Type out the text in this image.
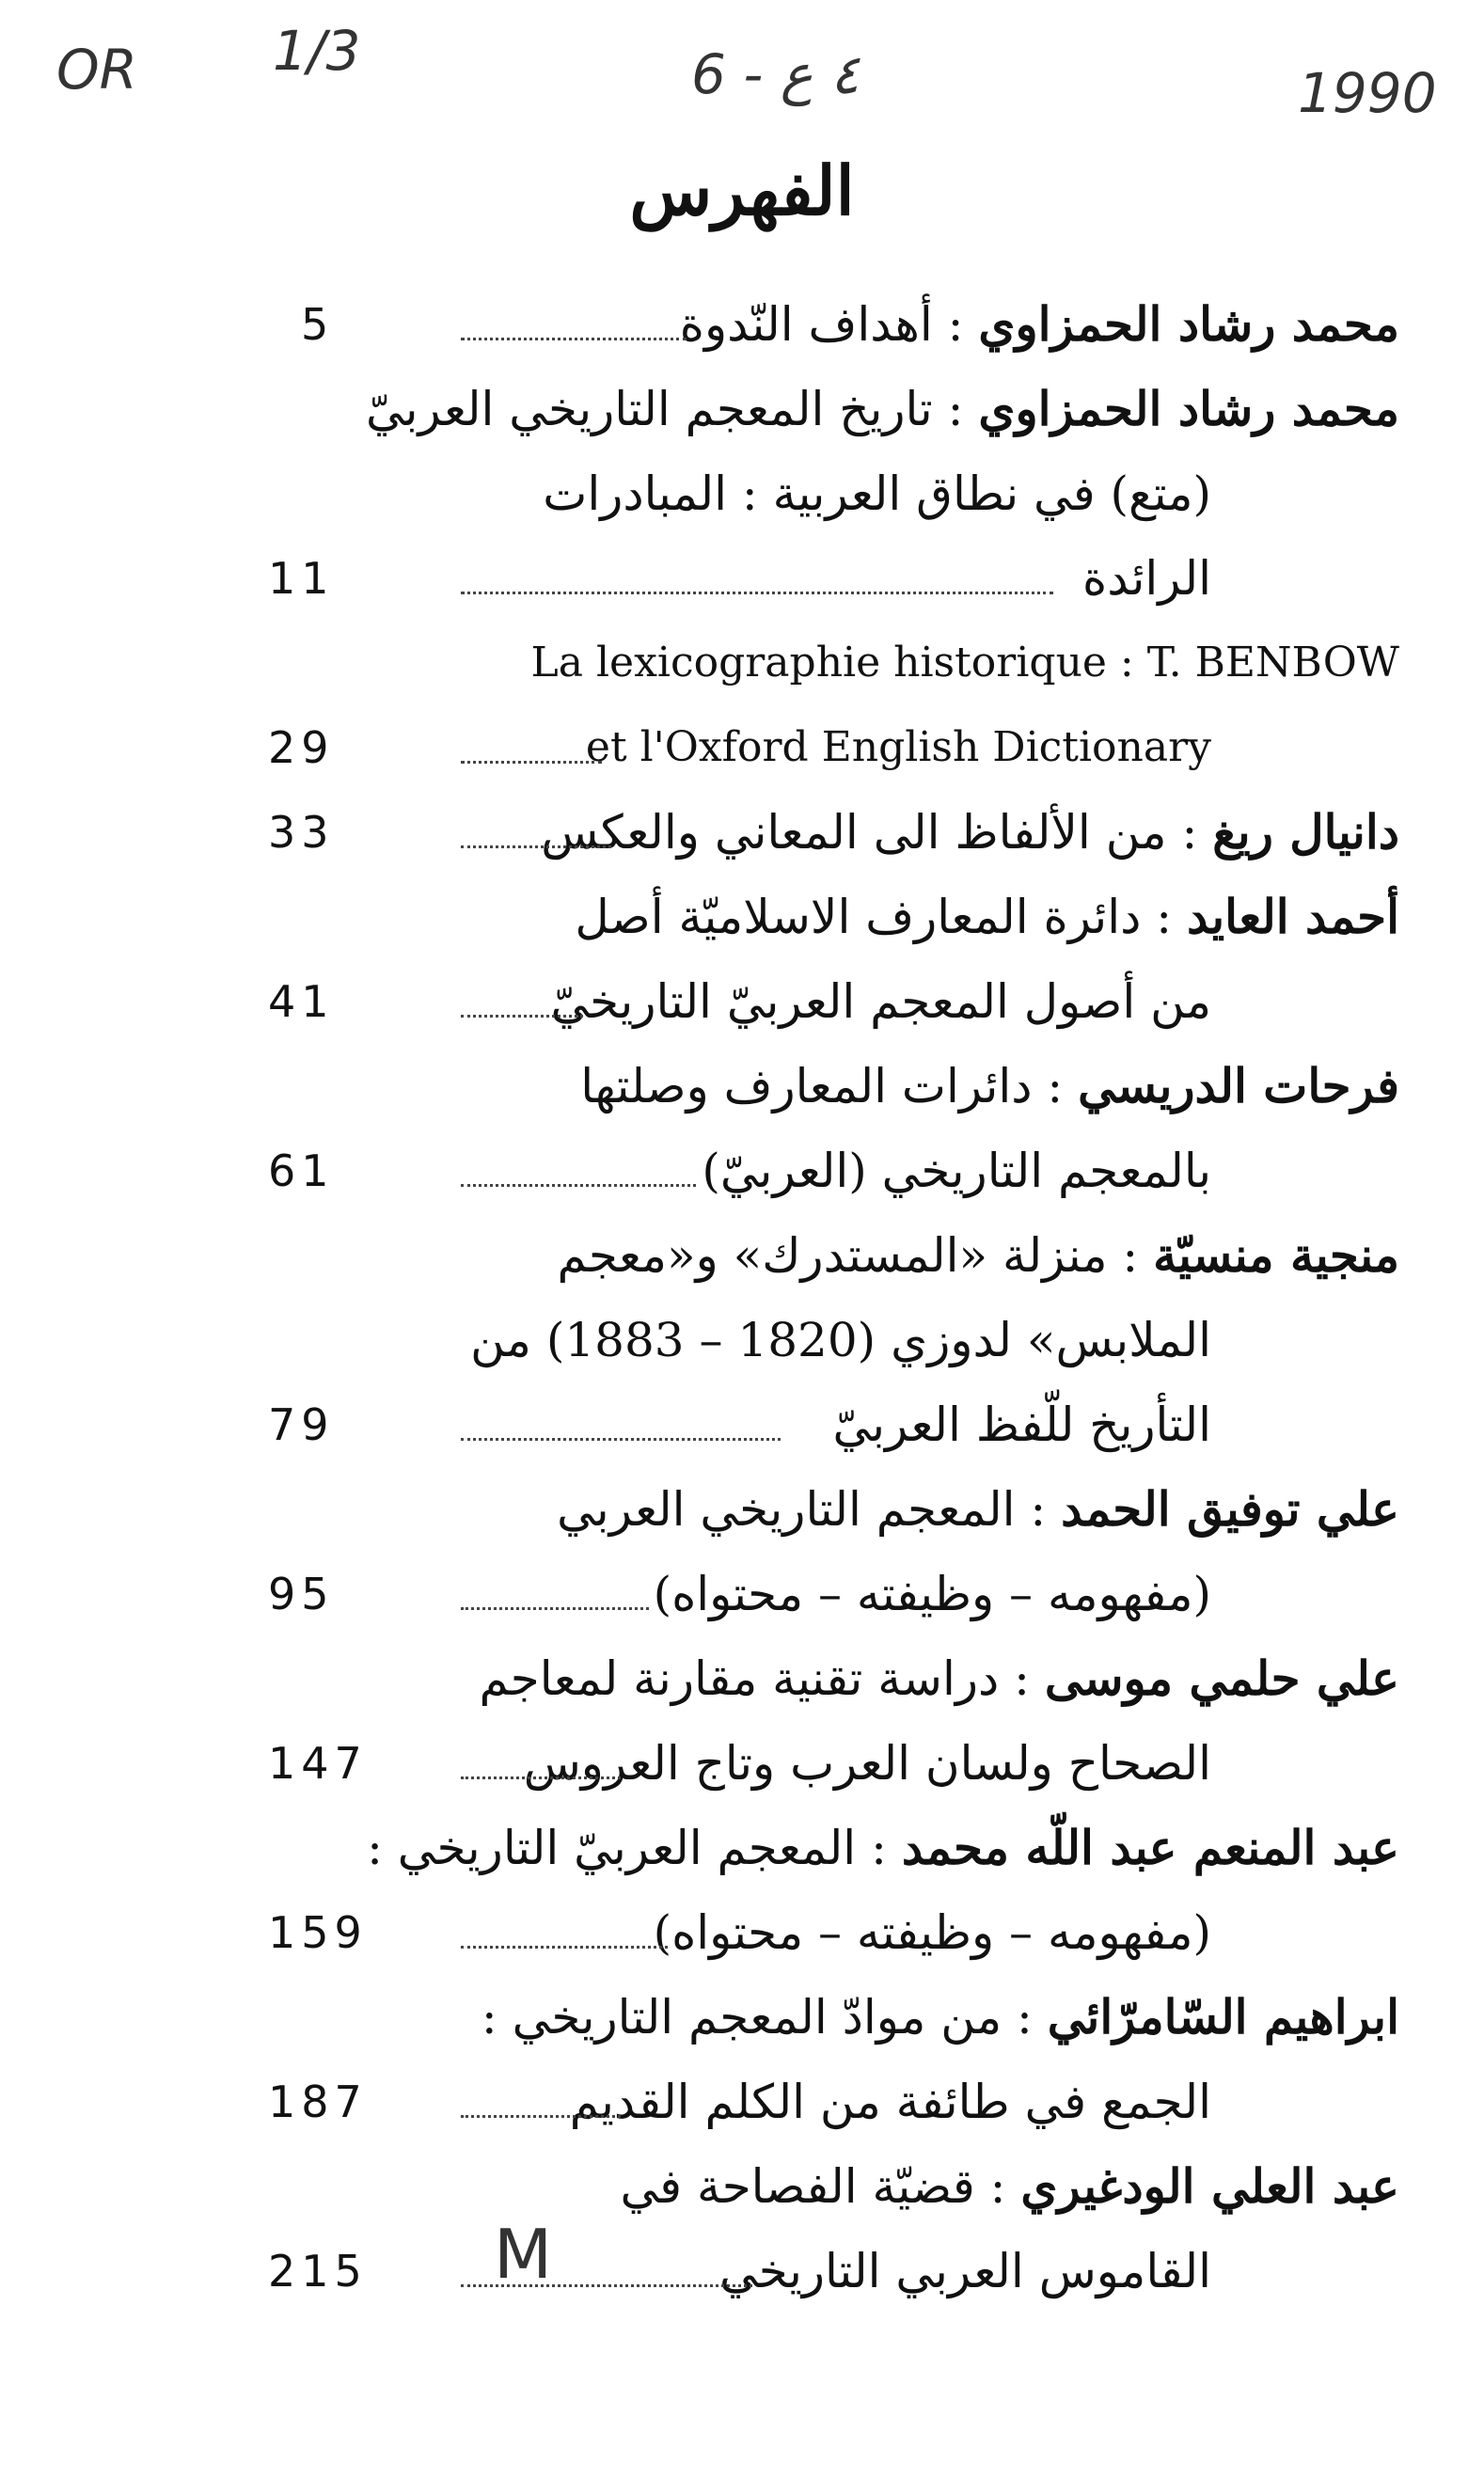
OR 1/3	6 - ٤ ع	1990
الفهرس
محمد رشاد الحمزاوي : أهداف النّدوة
5
محمد رشاد الحمزاوي : تاريخ المعجم التاريخي العربيّ
(متع) في نطاق العربية : المبادرات
الرائدة
11
La lexicographie historique : T. BENBOW
et l'Oxford English Dictionary
29
دانيال ريغ : من الألفاظ الى المعاني والعكس
33
أحمد العايد : دائرة المعارف الاسلاميّة أصل
من أصول المعجم العربيّ التاريخيّ
41
فرحات الدريسي : دائرات المعارف وصلتها
بالمعجم التاريخي (العربيّ)
61
منجية منسيّة : منزلة «المستدرك» و«معجم
الملابس» لدوزي (1820 – 1883) من
التأريخ للّفظ العربيّ
79
علي توفيق الحمد : المعجم التاريخي العربي
(مفهومه – وظيفته – محتواه)
95
علي حلمي موسى : دراسة تقنية مقارنة لمعاجم
الصحاح ولسان العرب وتاج العروس
147
عبد المنعم عبد اللّه محمد : المعجم العربيّ التاريخي :
(مفهومه – وظيفته – محتواه)
159
ابراهيم السّامرّائي : من موادّ المعجم التاريخي :
الجمع في طائفة من الكلم القديم
187
عبد العلي الودغيري : قضيّة الفصاحة في
القاموس العربي التاريخي
215 M
